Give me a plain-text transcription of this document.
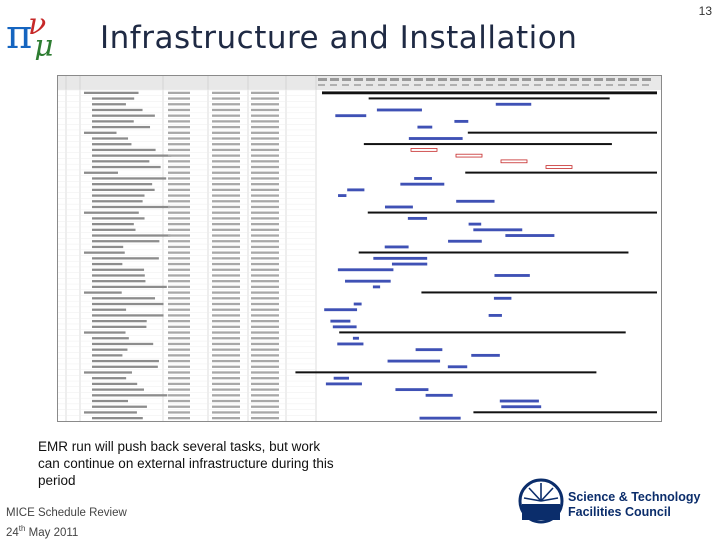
π
ν
μ Infrastructure and Installation
13
EMR run will push back several tasks, but work can continue on external infrastructure during this period
MICE Schedule Review
24th May 2011
Science & Technology
Facilities Council
